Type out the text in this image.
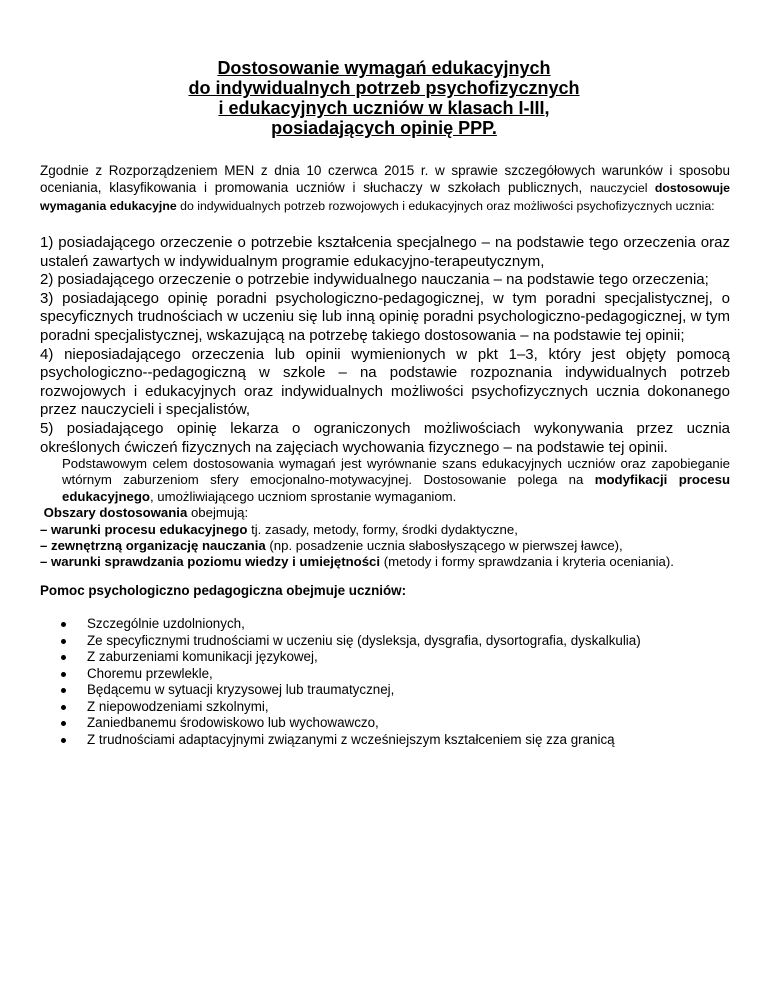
Dostosowanie wymagań edukacyjnych
do indywidualnych potrzeb psychofizycznych
i edukacyjnych uczniów w klasach I-III,
posiadających opinię PPP.

Zgodnie z Rozporządzeniem MEN z dnia 10 czerwca 2015 r. w sprawie szczegółowych warunków i sposobu oceniania, klasyfikowania i promowania uczniów i słuchaczy w szkołach publicznych, nauczyciel dostosowuje wymagania edukacyjne do indywidualnych potrzeb rozwojowych i edukacyjnych oraz możliwości psychofizycznych ucznia:

1) posiadającego orzeczenie o potrzebie kształcenia specjalnego – na podstawie tego orzeczenia oraz ustaleń zawartych w indywidualnym programie edukacyjno-terapeutycznym,
2) posiadającego orzeczenie o potrzebie indywidualnego nauczania – na podstawie tego orzeczenia;
3) posiadającego opinię poradni psychologiczno-pedagogicznej, w tym poradni specjalistycznej, o specyficznych trudnościach w uczeniu się lub inną opinię poradni psychologiczno-pedagogicznej, w tym poradni specjalistycznej, wskazującą na potrzebę takiego dostosowania – na podstawie tej opinii;
4) nieposiadającego orzeczenia lub opinii wymienionych w pkt 1–3, który jest objęty pomocą psychologiczno--pedagogiczną w szkole – na podstawie rozpoznania indywidualnych potrzeb rozwojowych i edukacyjnych oraz indywidualnych możliwości psychofizycznych ucznia dokonanego przez nauczycieli i specjalistów,
5) posiadającego opinię lekarza o ograniczonych możliwościach wykonywania przez ucznia określonych ćwiczeń fizycznych na zajęciach wychowania fizycznego – na podstawie tej opinii.
Podstawowym celem dostosowania wymagań jest wyrównanie szans edukacyjnych uczniów oraz zapobieganie wtórnym zaburzeniom sfery emocjonalno-motywacyjnej. Dostosowanie polega na modyfikacji procesu edukacyjnego, umożliwiającego uczniom sprostanie wymaganiom.
Obszary dostosowania obejmują:
– warunki procesu edukacyjnego tj. zasady, metody, formy, środki dydaktyczne,
– zewnętrzną organizację nauczania (np. posadzenie ucznia słabosłyszącego w pierwszej ławce),
– warunki sprawdzania poziomu wiedzy i umiejętności (metody i formy sprawdzania i kryteria oceniania).

Pomoc psychologiczno pedagogiczna obejmuje uczniów:

Szczególnie uzdolnionych,
Ze specyficznymi trudnościami w uczeniu się (dysleksja, dysgrafia, dysortografia, dyskalkulia)
Z zaburzeniami komunikacji językowej,
Choremu przewlekle,
Będącemu w sytuacji kryzysowej lub traumatycznej,
Z niepowodzeniami szkolnymi,
Zaniedbanemu środowiskowo lub wychowawczo,
Z trudnościami adaptacyjnymi związanymi z wcześniejszym kształceniem się zza granicą
